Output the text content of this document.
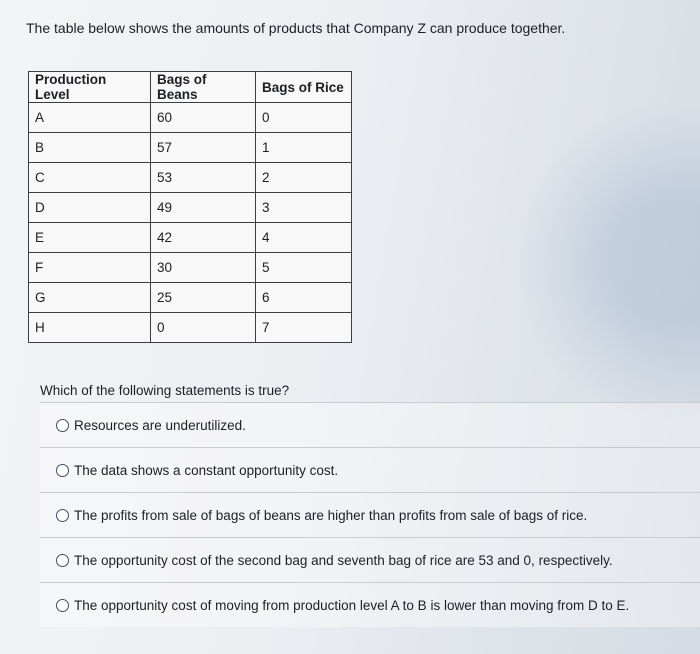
The table below shows the amounts of products that Company Z can produce together.
Production Level	Bags of Beans	Bags of Rice
A	60	0
B	57	1
C	53	2
D	49	3
E	42	4
F	30	5
G	25	6
H	0	7
Which of the following statements is true?
Resources are underutilized.
The data shows a constant opportunity cost.
The profits from sale of bags of beans are higher than profits from sale of bags of rice.
The opportunity cost of the second bag and seventh bag of rice are 53 and 0, respectively.
The opportunity cost of moving from production level A to B is lower than moving from D to E.
